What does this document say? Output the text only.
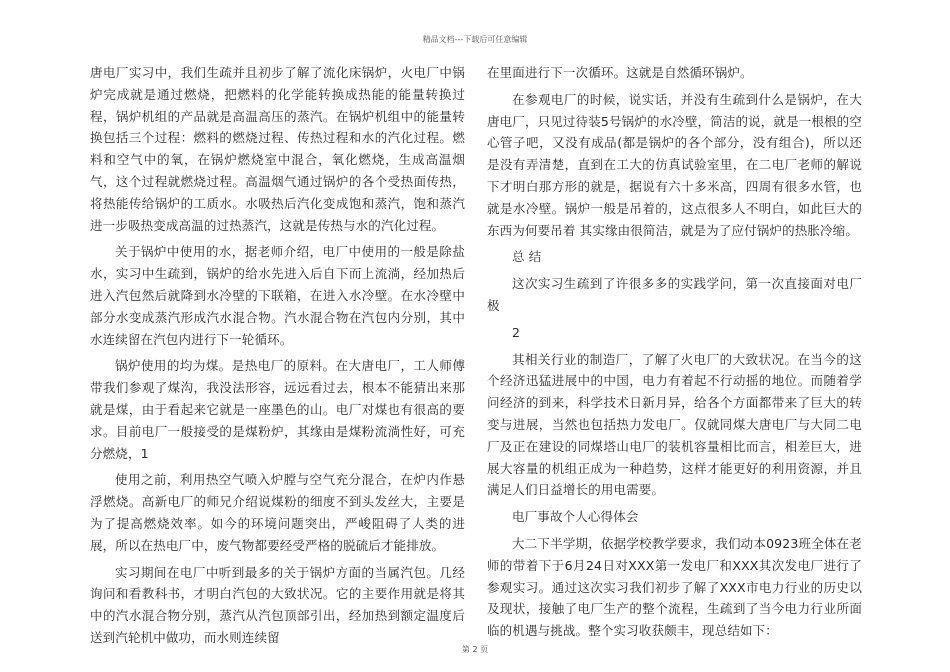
精品文档---下载后可任意编辑

唐电厂实习中，我们生疏并且初步了解了流化床锅炉，火电厂中锅炉完成就是通过燃烧，把燃料的化学能转换成热能的能量转换过程，锅炉机组的产品就是高温高压的蒸汽。在锅炉机组中的能量转换包括三个过程：燃料的燃烧过程、传热过程和水的汽化过程。燃料和空气中的氧，在锅炉燃烧室中混合，氧化燃烧，生成高温烟气，这个过程就燃烧过程。高温烟气通过锅炉的各个受热面传热，将热能传给锅炉的工质水。水吸热后汽化变成饱和蒸汽，饱和蒸汽进一步吸热变成高温的过热蒸汽，这就是传热与水的汽化过程。

关于锅炉中使用的水，据老师介绍，电厂中使用的一般是除盐水，实习中生疏到，锅炉的给水先进入后自下而上流淌，经加热后进入汽包然后就降到水冷壁的下联箱，在进入水冷壁。在水冷壁中部分水变成蒸汽形成汽水混合物。汽水混合物在汽包内分别，其中水连续留在汽包内进行下一轮循环。

锅炉使用的均为煤。是热电厂的原料。在大唐电厂，工人师傅带我们参观了煤沟，我没法形容，远远看过去，根本不能猜出来那就是煤，由于看起来它就是一座墨色的山。电厂对煤也有很高的要求。目前电厂一般接受的是煤粉炉，其缘由是煤粉流淌性好，可充分燃烧，1

使用之前，利用热空气喷入炉膛与空气充分混合，在炉内作悬浮燃烧。高新电厂的师兄介绍说煤粉的细度不到头发丝大，主要是为了提高燃烧效率。如今的环境问题突出，严峻阻碍了人类的进展，所以在热电厂中，废气物都要经受严格的脱硫后才能排放。

实习期间在电厂中听到最多的关于锅炉方面的当属汽包。几经询问和看教科书，才明白汽包的大致状况。它的主要作用就是将其中的汽水混合物分别，蒸汽从汽包顶部引出，经加热到额定温度后送到汽轮机中做功，而水则连续留

在里面进行下一次循环。这就是自然循环锅炉。

在参观电厂的时候，说实话，并没有生疏到什么是锅炉，在大唐电厂，只见过待装5号锅炉的水冷壁，简洁的说，就是一根根的空心管子吧，又没有成品(都是锅炉的各个部分，没有组合)，所以还是没有弄清楚，直到在工大的仿真试验室里，在二电厂老师的解说下才明白那方形的就是，据说有六十多米高，四周有很多水管，也就是水冷壁。锅炉一般是吊着的，这点很多人不明白，如此巨大的东西为何要吊着 其实缘由很简洁，就是为了应付锅炉的热胀冷缩。

总 结

这次实习生疏到了许很多多的实践学问，第一次直接面对电厂极

2

其相关行业的制造厂，了解了火电厂的大致状况。在当今的这个经济迅猛进展中的中国，电力有着起不行动摇的地位。而随着学问经济的到来，科学技术日新月异，给各个方面都带来了巨大的转变与进展，当然也包括热力发电厂。仅就同煤大唐电厂与大同二电厂及正在建设的同煤塔山电厂的装机容量相比而言，相差巨大，进展大容量的机组正成为一种趋势，这样才能更好的利用资源，并且满足人们日益增长的用电需要。

电厂事故个人心得体会

大二下半学期，依据学校教学要求，我们动本0923班全体在老师的带着下于6月24日对XXX第一发电厂和XXX其次发电厂进行了参观实习。通过这次实习我们初步了解了XXX市电力行业的历史以及现状，接触了电厂生产的整个流程，生疏到了当今电力行业所面临的机遇与挑战。整个实习收获颇丰，现总结如下：

第 2 页
